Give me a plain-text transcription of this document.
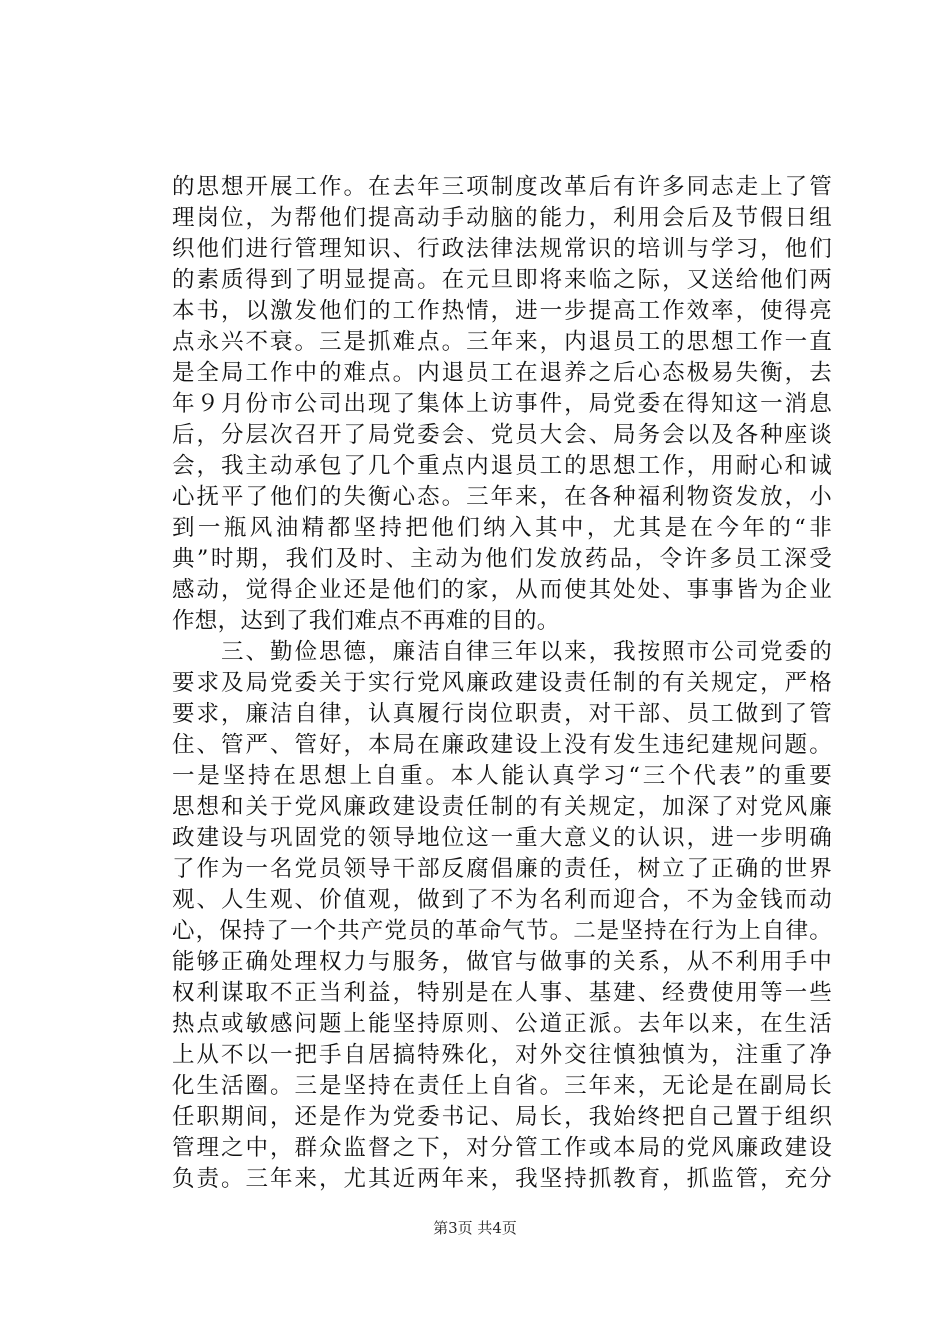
的思想开展工作。在去年三项制度改革后有许多同志走上了管
理岗位，为帮他们提高动手动脑的能力，利用会后及节假日组
织他们进行管理知识、行政法律法规常识的培训与学习，他们
的素质得到了明显提高。在元旦即将来临之际，又送给他们两
本书，以激发他们的工作热情，进一步提高工作效率，使得亮
点永兴不衰。三是抓难点。三年来，内退员工的思想工作一直
是全局工作中的难点。内退员工在退养之后心态极易失衡，去
年９月份市公司出现了集体上访事件，局党委在得知这一消息
后，分层次召开了局党委会、党员大会、局务会以及各种座谈
会，我主动承包了几个重点内退员工的思想工作，用耐心和诚
心抚平了他们的失衡心态。三年来，在各种福利物资发放，小
到一瓶风油精都坚持把他们纳入其中，尤其是在今年的“非
典”时期，我们及时、主动为他们发放药品，令许多员工深受
感动，觉得企业还是他们的家，从而使其处处、事事皆为企业
作想，达到了我们难点不再难的目的。
　　三、勤俭思德，廉洁自律三年以来，我按照市公司党委的
要求及局党委关于实行党风廉政建设责任制的有关规定，严格
要求，廉洁自律，认真履行岗位职责，对干部、员工做到了管
住、管严、管好，本局在廉政建设上没有发生违纪建规问题。
一是坚持在思想上自重。本人能认真学习“三个代表”的重要
思想和关于党风廉政建设责任制的有关规定，加深了对党风廉
政建设与巩固党的领导地位这一重大意义的认识，进一步明确
了作为一名党员领导干部反腐倡廉的责任，树立了正确的世界
观、人生观、价值观，做到了不为名利而迎合，不为金钱而动
心，保持了一个共产党员的革命气节。二是坚持在行为上自律。
能够正确处理权力与服务，做官与做事的关系，从不利用手中
权利谋取不正当利益，特别是在人事、基建、经费使用等一些
热点或敏感问题上能坚持原则、公道正派。去年以来，在生活
上从不以一把手自居搞特殊化，对外交往慎独慎为，注重了净
化生活圈。三是坚持在责任上自省。三年来，无论是在副局长
任职期间，还是作为党委书记、局长，我始终把自己置于组织
管理之中，群众监督之下，对分管工作或本局的党风廉政建设
负责。三年来，尤其近两年来，我坚持抓教育，抓监管，充分
第3页 共4页
